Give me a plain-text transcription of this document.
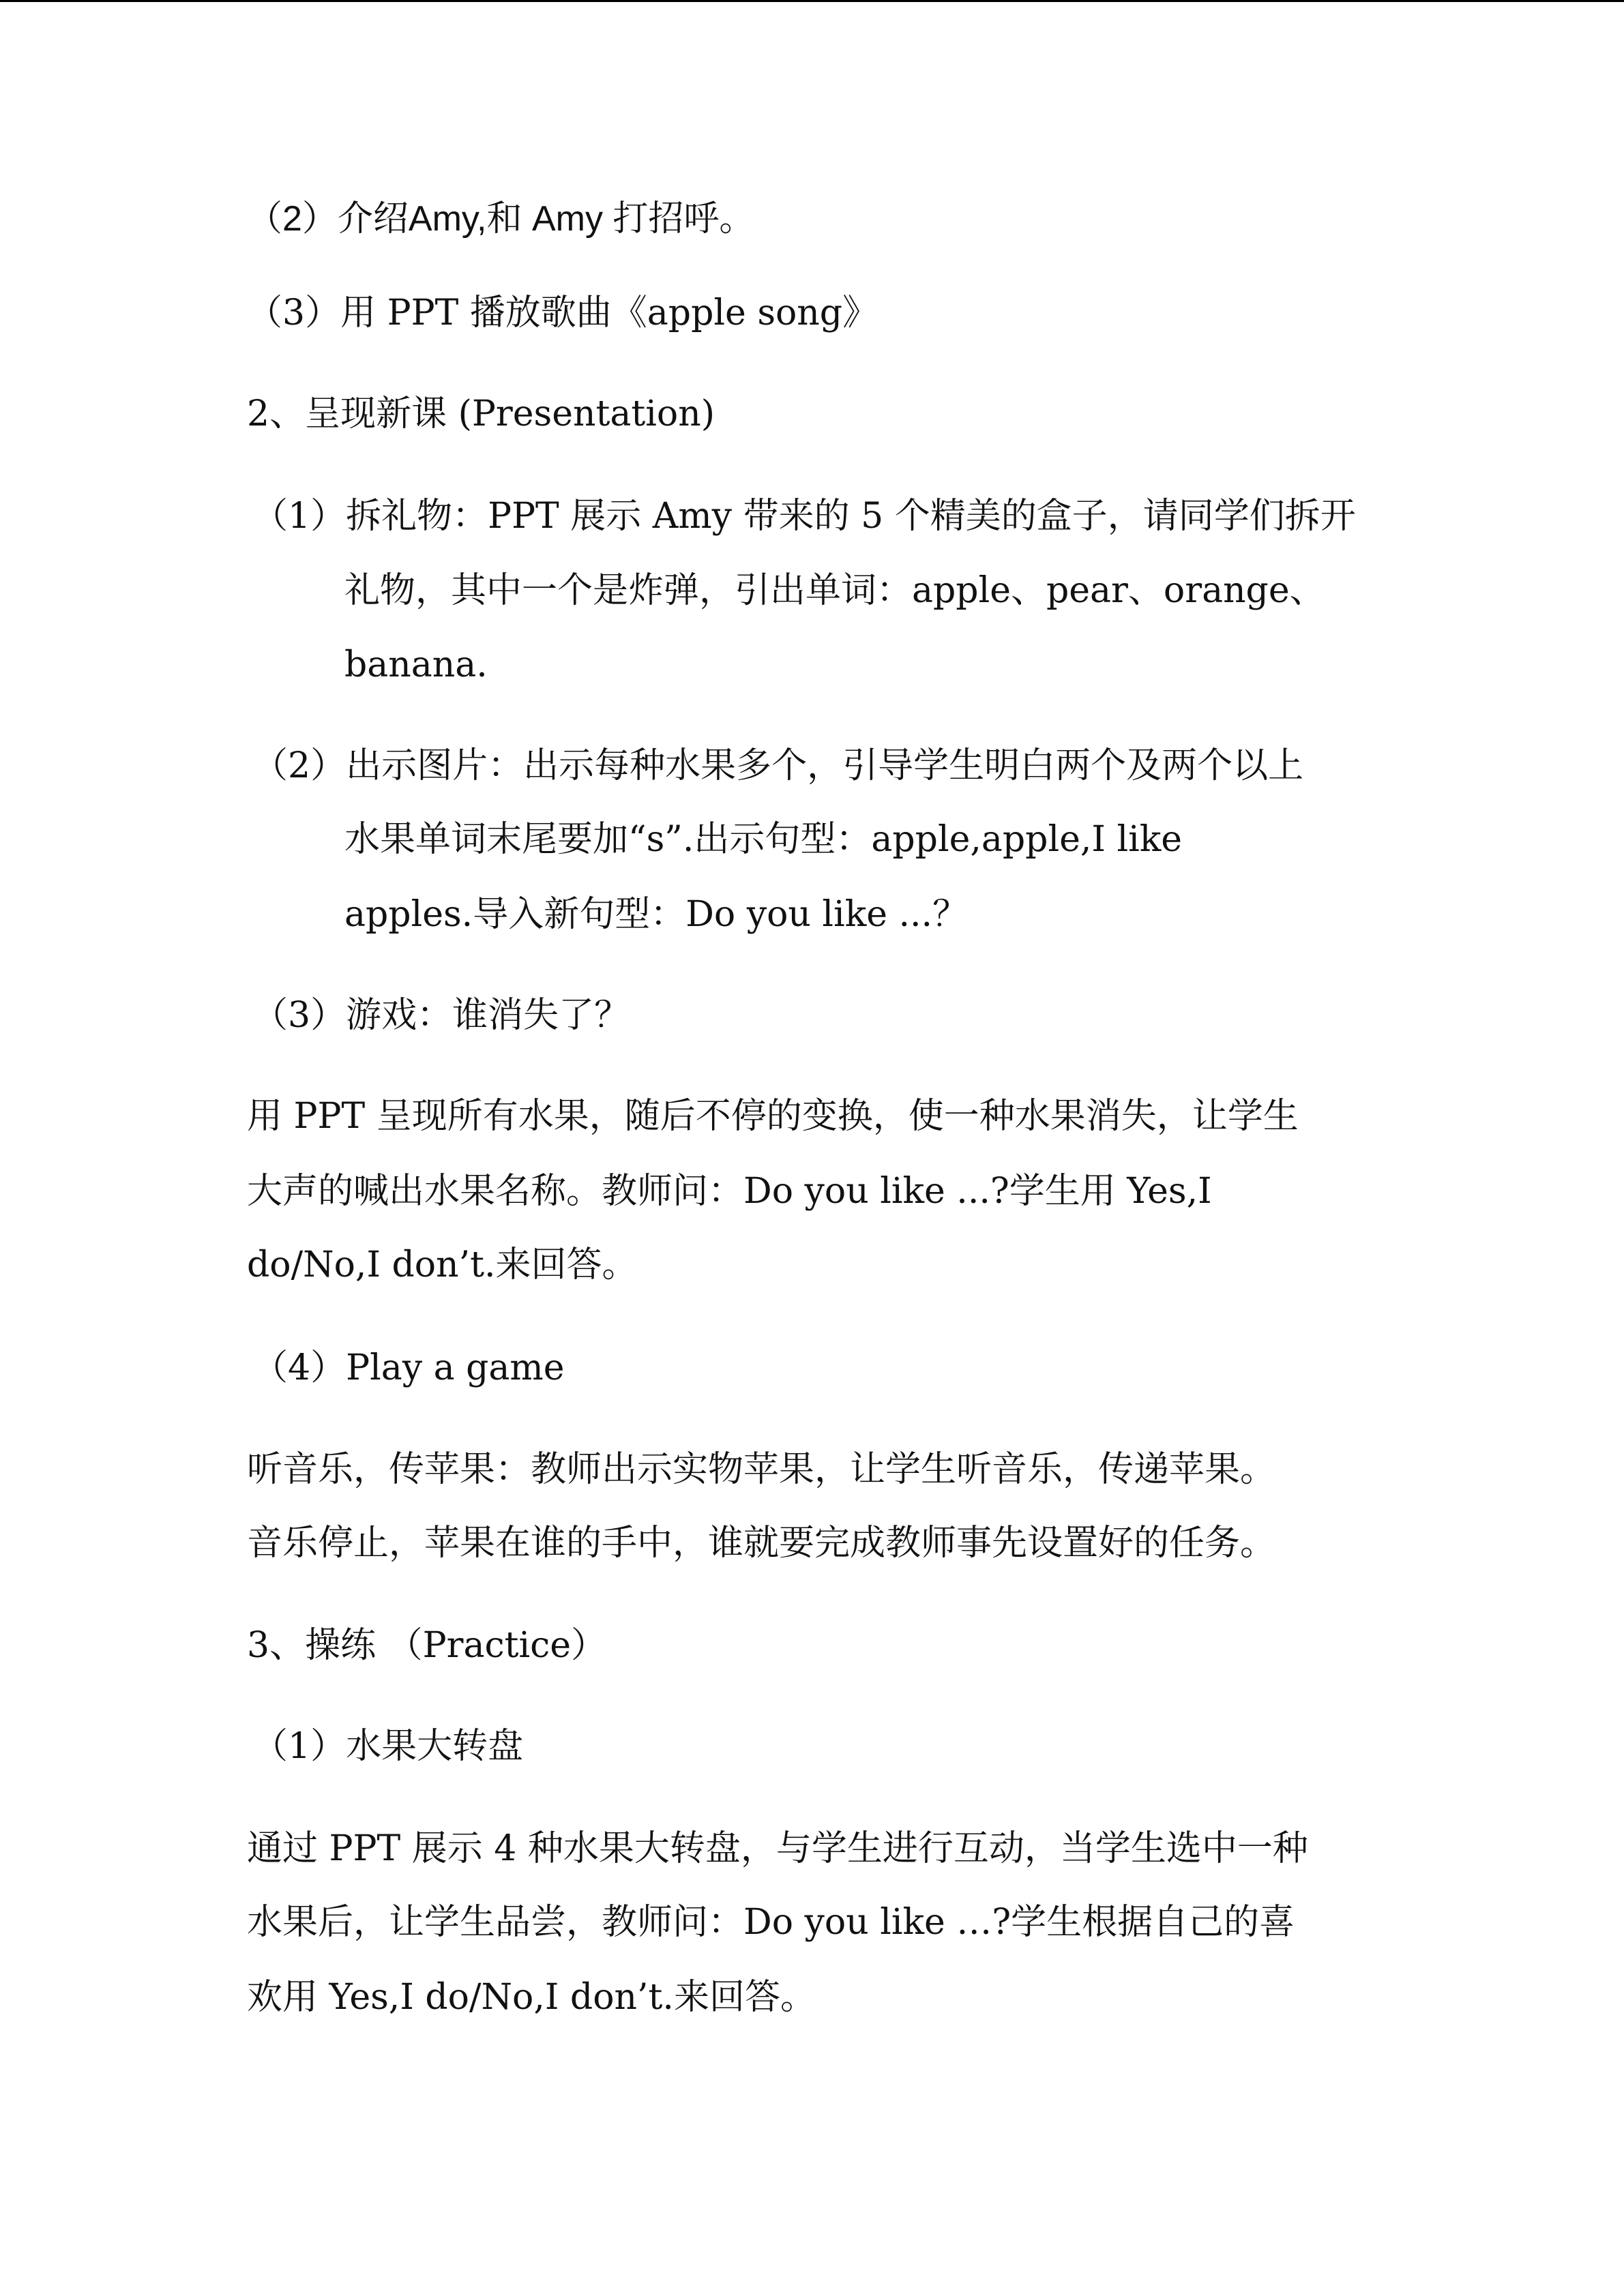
（2）介绍Amy,和 Amy 打招呼。

（3）用 PPT 播放歌曲《apple song》

2、呈现新课 (Presentation)

（1）拆礼物：PPT 展示 Amy 带来的 5 个精美的盒子，请同学们拆开

礼物，其中一个是炸弹，引出单词：apple、pear、orange、

banana.

（2）出示图片：出示每种水果多个，引导学生明白两个及两个以上

水果单词末尾要加“s”.出示句型：apple,apple,I like

apples.导入新句型：Do you like ...？

（3）游戏：谁消失了？

用 PPT 呈现所有水果，随后不停的变换，使一种水果消失，让学生

大声的喊出水果名称。教师问：Do you like ...?学生用 Yes,I

do/No,I don’t.来回答。

（4）Play a game

听音乐，传苹果：教师出示实物苹果，让学生听音乐，传递苹果。

音乐停止，苹果在谁的手中，谁就要完成教师事先设置好的任务。

3、操练 （Practice）

（1）水果大转盘

通过 PPT 展示 4 种水果大转盘，与学生进行互动，当学生选中一种

水果后，让学生品尝，教师问：Do you like …?学生根据自己的喜

欢用 Yes,I do/No,I don’t.来回答。
